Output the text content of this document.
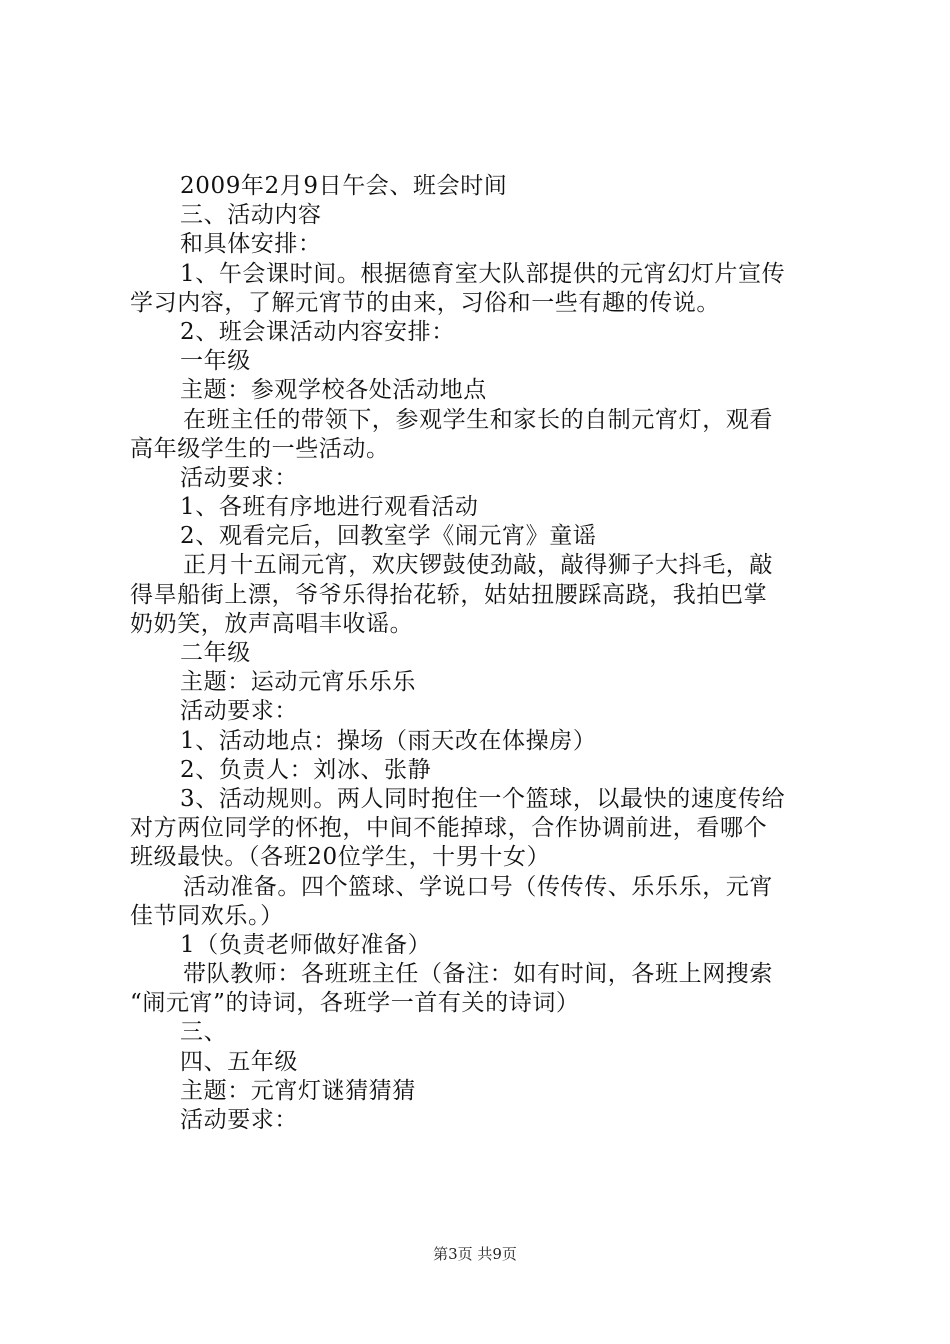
2009年2月9日午会、班会时间
三、活动内容
和具体安排：
1、午会课时间。根据德育室大队部提供的元宵幻灯片宣传
学习内容，了解元宵节的由来，习俗和一些有趣的传说。
2、班会课活动内容安排：
一年级
主题：参观学校各处活动地点
在班主任的带领下，参观学生和家长的自制元宵灯，观看
高年级学生的一些活动。
活动要求：
1、各班有序地进行观看活动
2、观看完后，回教室学《闹元宵》童谣
正月十五闹元宵，欢庆锣鼓使劲敲，敲得狮子大抖毛，敲
得旱船街上漂，爷爷乐得抬花轿，姑姑扭腰踩高跷，我拍巴掌
奶奶笑，放声高唱丰收谣。
二年级
主题：运动元宵乐乐乐
活动要求：
1、活动地点：操场（雨天改在体操房）
2、负责人：刘冰、张静
3、活动规则。两人同时抱住一个篮球，以最快的速度传给
对方两位同学的怀抱，中间不能掉球，合作协调前进，看哪个
班级最快。（各班20位学生，十男十女）
活动准备。四个篮球、学说口号（传传传、乐乐乐，元宵
佳节同欢乐。）
1（负责老师做好准备）
带队教师：各班班主任（备注：如有时间，各班上网搜索
“闹元宵”的诗词，各班学一首有关的诗词）
三、
四、五年级
主题：元宵灯谜猜猜猜
活动要求：
第3页 共9页
